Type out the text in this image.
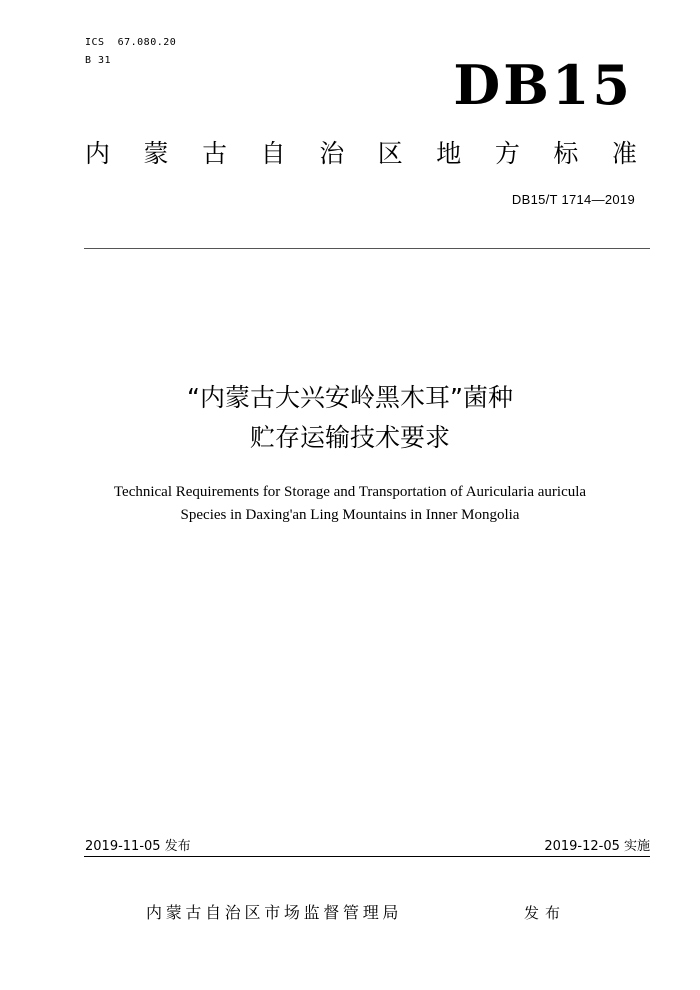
ICS  67.080.20
B 31	DB15
内 蒙 古 自 治 区 地 方 标 准
DB15/T 1714—2019
“内蒙古大兴安岭黑木耳”菌种
贮存运输技术要求
Technical Requirements for Storage and Transportation of Auricularia auricula
Species in Daxing'an Ling Mountains in Inner Mongolia
2019-11-05 发布	2019-12-05 实施
内蒙古自治区市场监督管理局	发布
